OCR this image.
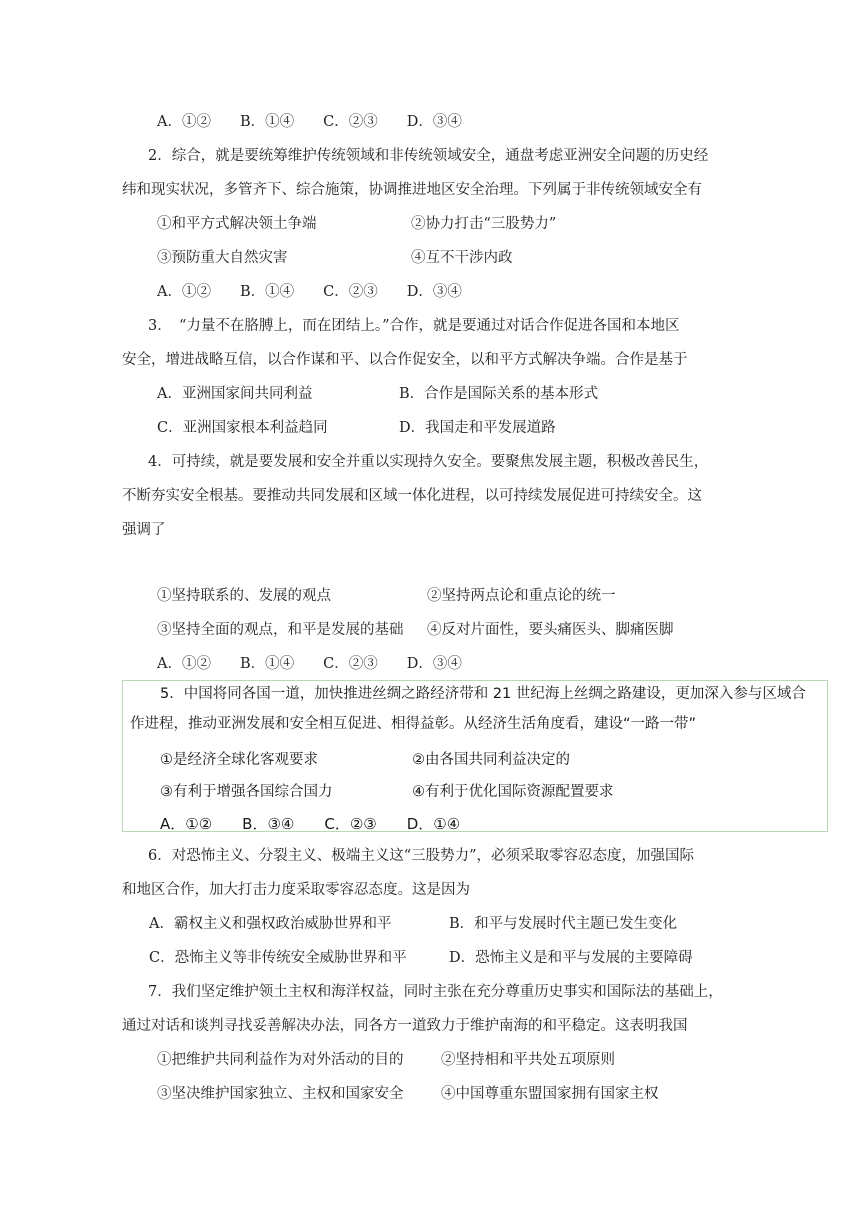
A．①②　　B．①④　　C．②③　　D．③④
2．综合，就是要统筹维护传统领域和非传统领域安全，通盘考虑亚洲安全问题的历史经
纬和现实状况，多管齐下、综合施策，协调推进地区安全治理。下列属于非传统领域安全有
①和平方式解决领土争端	②协力打击“三股势力”
③预防重大自然灾害	④互不干涉内政
A．①②　　B．①④　　C．②③　　D．③④
3．　“力量不在胳膊上，而在团结上。”合作，就是要通过对话合作促进各国和本地区
安全，增进战略互信，以合作谋和平、以合作促安全，以和平方式解决争端。合作是基于
A．亚洲国家间共同利益	B．合作是国际关系的基本形式
C．亚洲国家根本利益趋同	D．我国走和平发展道路
4．可持续，就是要发展和安全并重以实现持久安全。要聚焦发展主题，积极改善民生，
不断夯实安全根基。要推动共同发展和区域一体化进程，以可持续发展促进可持续安全。这
强调了
①坚持联系的、发展的观点	②坚持两点论和重点论的统一
③坚持全面的观点，和平是发展的基础 ④反对片面性，要头痛医头、脚痛医脚
A．①②　　B．①④　　C．②③　　D．③④
5．中国将同各国一道，加快推进丝绸之路经济带和 21 世纪海上丝绸之路建设，更加深入参与区域合
作进程，推动亚洲发展和安全相互促进、相得益彰。从经济生活角度看，建设“一路一带”
①是经济全球化客观要求	②由各国共同利益决定的
③有利于增强各国综合国力	④有利于优化国际资源配置要求
A．①②　　B．③④　　C．②③　　D．①④
6．对恐怖主义、分裂主义、极端主义这“三股势力”，必须采取零容忍态度，加强国际
和地区合作，加大打击力度采取零容忍态度。这是因为
A．霸权主义和强权政治威胁世界和平	B．和平与发展时代主题已发生变化
C．恐怖主义等非传统安全威胁世界和平	D．恐怖主义是和平与发展的主要障碍
7．我们坚定维护领土主权和海洋权益，同时主张在充分尊重历史事实和国际法的基础上，
通过对话和谈判寻找妥善解决办法，同各方一道致力于维护南海的和平稳定。这表明我国
①把维护共同利益作为对外活动的目的	②坚持相和平共处五项原则
③坚决维护国家独立、主权和国家安全	④中国尊重东盟国家拥有国家主权
